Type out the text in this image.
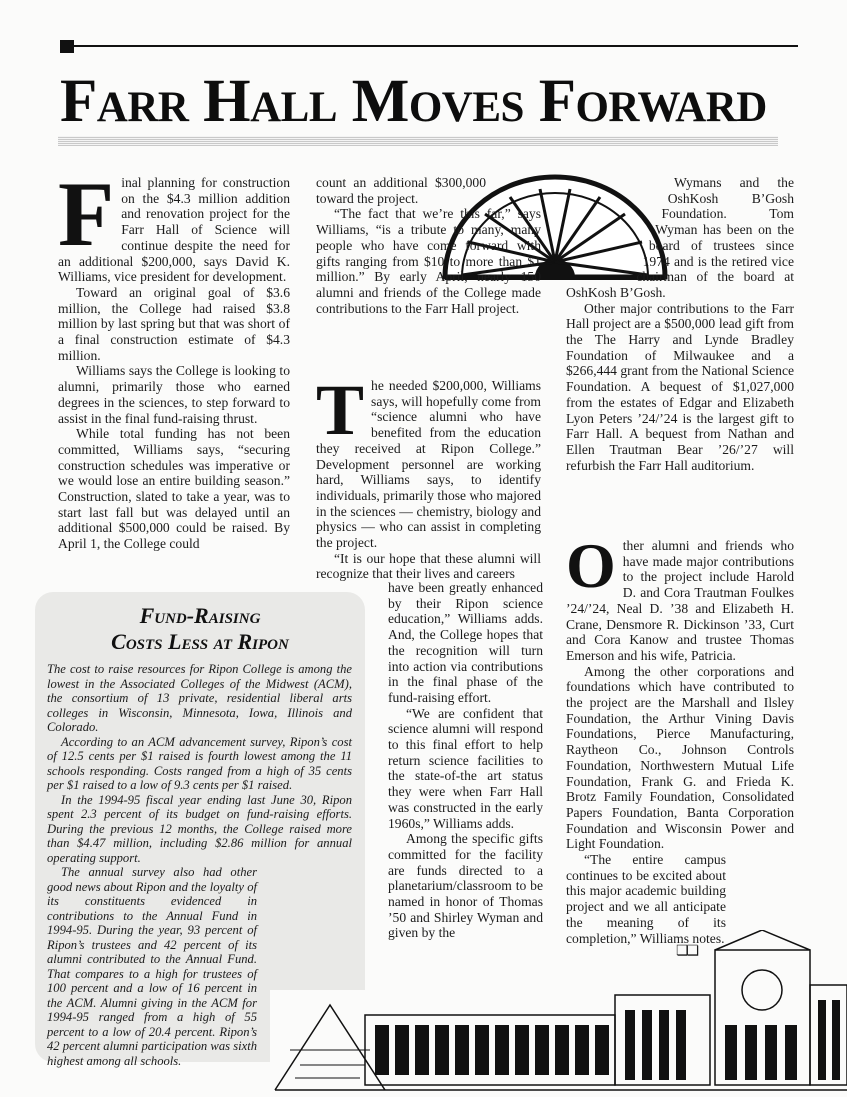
Farr Hall Moves Forward

Final planning for construction on the $4.3 million addition and renovation project for the Farr Hall of Science will continue despite the need for an additional $200,000, says David K. Williams, vice president for development.

Toward an original goal of $3.6 million, the College had raised $3.8 million by last spring but that was short of a final construction estimate of $4.3 million.

Williams says the College is looking to alumni, primarily those who earned degrees in the sciences, to step forward to assist in the final fund-raising thrust.

While total funding has not been committed, Williams says, “securing construction schedules was imperative or we would lose an entire building season.” Construction, slated to take a year, was to start last fall but was delayed until an additional $500,000 could be raised. By April 1, the College could

count an additional $300,000 toward the project.

“The fact that we’re this far,” says Williams, “is a tribute to many, many people who have come forward with gifts ranging from $10 to more than $1 million.” By early April, nearly 150 alumni and friends of the College made contributions to the Farr Hall project.

The needed $200,000, Williams says, will hopefully come from “science alumni who have benefited from the education they received at Ripon College.” Development personnel are working hard, Williams says, to identify individuals, primarily those who majored in the sciences — chemistry, biology and physics — who can assist in completing the project.

“It is our hope that these alumni will recognize that their lives and careers

have been greatly enhanced by their Ripon science education,” Williams adds. And, the College hopes that the recognition will turn into action via contributions in the final phase of the fund-raising effort.

“We are confident that science alumni will respond to this final effort to help return science facilities to the state-of-the art status they were when Farr Hall was constructed in the early 1960s,” Williams adds.

Among the specific gifts committed for the facility are funds directed to a planetarium/classroom to be named in honor of Thomas ’50 and Shirley Wyman and given by the

Wymans and the OshKosh B’Gosh Foundation. Tom Wyman has been on the board of trustees since 1974 and is the retired vice chairman of the board at OshKosh B’Gosh.

Other major contributions to the Farr Hall project are a $500,000 lead gift from the The Harry and Lynde Bradley Foundation of Milwaukee and a $266,444 grant from the National Science Foundation. A bequest of $1,027,000 from the estates of Edgar and Elizabeth Lyon Peters ’24/’24 is the largest gift to Farr Hall. A bequest from Nathan and Ellen Trautman Bear ’26/’27 will refurbish the Farr Hall auditorium.

Other alumni and friends who have made major contributions to the project include Harold D. and Cora Trautman Foulkes ’24/’24, Neal D. ’38 and Elizabeth H. Crane, Densmore R. Dickinson ’33, Curt and Cora Kanow and trustee Thomas Emerson and his wife, Patricia.

Among the other corporations and foundations which have contributed to the project are the Marshall and Ilsley Foundation, the Arthur Vining Davis Foundations, Pierce Manufacturing, Raytheon Co., Johnson Controls Foundation, Northwestern Mutual Life Foundation, Frank G. and Frieda K. Brotz Family Foundation, Consolidated Papers Foundation, Banta Corporation Foundation and Wisconsin Power and Light Foundation.

“The entire campus continues to be excited about this major academic building project and we all anticipate the meaning of its completion,” Williams notes.

❏❏
Fund-Raising
Costs Less at Ripon

The cost to raise resources for Ripon College is among the lowest in the Associated Colleges of the Midwest (ACM), the consortium of 13 private, residential liberal arts colleges in Wisconsin, Minnesota, Iowa, Illinois and Colorado.

According to an ACM advancement survey, Ripon’s cost of 12.5 cents per $1 raised is fourth lowest among the 11 schools responding. Costs ranged from a high of 35 cents per $1 raised to a low of 9.3 cents per $1 raised.

In the 1994-95 fiscal year ending last June 30, Ripon spent 2.3 percent of its budget on fund-raising efforts. During the previous 12 months, the College raised more than $4.47 million, including $2.86 million for annual operating support.

The annual survey also had other good news about Ripon and the loyalty of its constituents evidenced in contributions to the Annual Fund in 1994-95. During the year, 93 percent of Ripon’s trustees and 42 percent of its alumni contributed to the Annual Fund. That compares to a high for trustees of 100 percent and a low of 16 percent in the ACM. Alumni giving in the ACM for 1994-95 ranged from a high of 55 percent to a low of 20.4 percent. Ripon’s 42 percent alumni participation was sixth highest among all schools.
